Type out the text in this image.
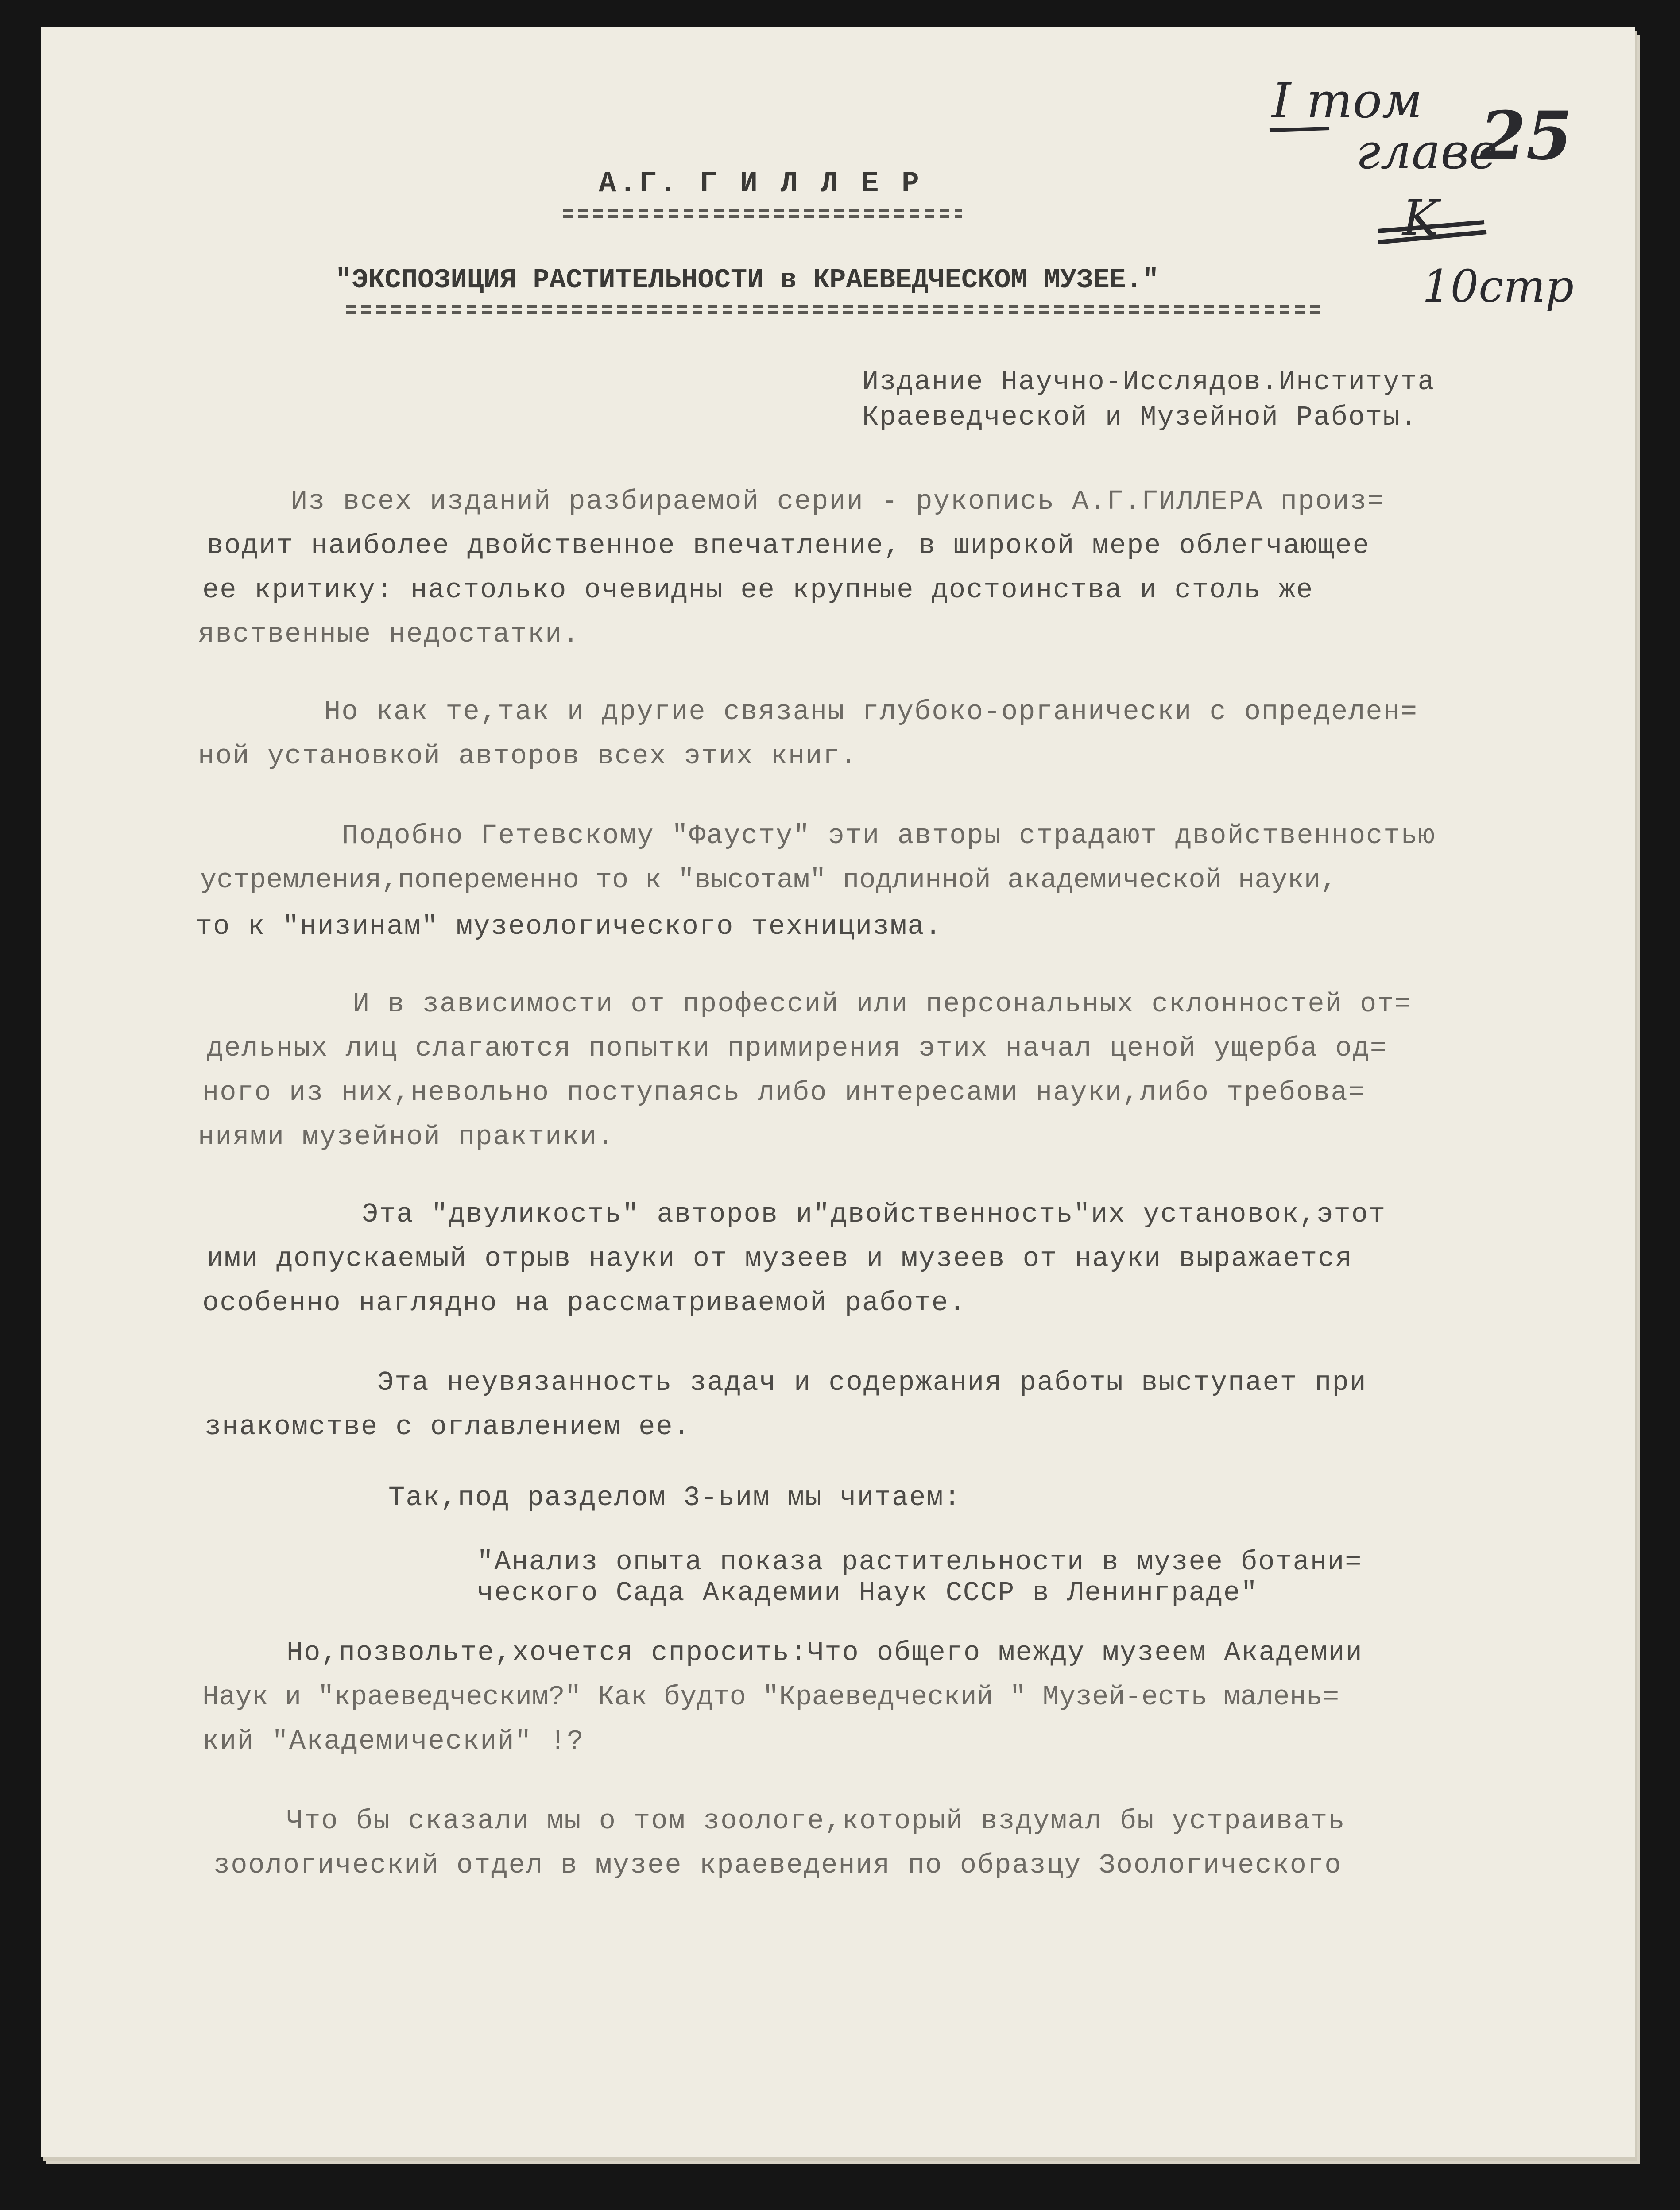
I том
главе
25
K
10стр
А.Г. Г И Л Л Е Р
"ЭКСПОЗИЦИЯ РАСТИТЕЛЬНОСТИ в КРАЕВЕДЧЕСКОМ МУЗЕЕ."
Издание Научно-Исслядов.Института
Краеведческой и Музейной Работы.
Из всех изданий разбираемой серии - рукопись А.Г.ГИЛЛЕРА произ=
водит наиболее двойственное впечатление, в широкой мере облегчающее
ее критику: настолько очевидны ее крупные достоинства и столь же
явственные недостатки.
Но как те,так и другие связаны глубоко-органически с определен=
ной установкой авторов всех этих книг.
Подобно Гетевскому "Фаусту" эти авторы страдают двойственностью
устремления,попеременно то к "высотам" подлинной академической науки,
то к "низинам" музеологического техницизма.
И в зависимости от профессий или персональных склонностей от=
дельных лиц слагаются попытки примирения этих начал ценой ущерба од=
ного из них,невольно поступаясь либо интересами науки,либо требова=
ниями музейной практики.
Эта "двуликость" авторов и"двойственность"их установок,этот
ими допускаемый отрыв науки от музеев и музеев от науки выражается
особенно наглядно на рассматриваемой работе.
Эта неувязанность задач и содержания работы выступает при
знакомстве с оглавлением ее.
Так,под разделом 3-ьим мы читаем:
"Анализ опыта показа растительности в музее ботани=
ческого Сада Академии Наук СССР в Ленинграде"
Но,позвольте,хочется спросить:Что общего между музеем Академии
Наук и "краеведческим?" Как будто "Краеведческий " Музей-есть малень=
кий "Академический" !?
Что бы сказали мы о том зоологе,который вздумал бы устраивать
зоологический отдел в музее краеведения по образцу Зоологического
